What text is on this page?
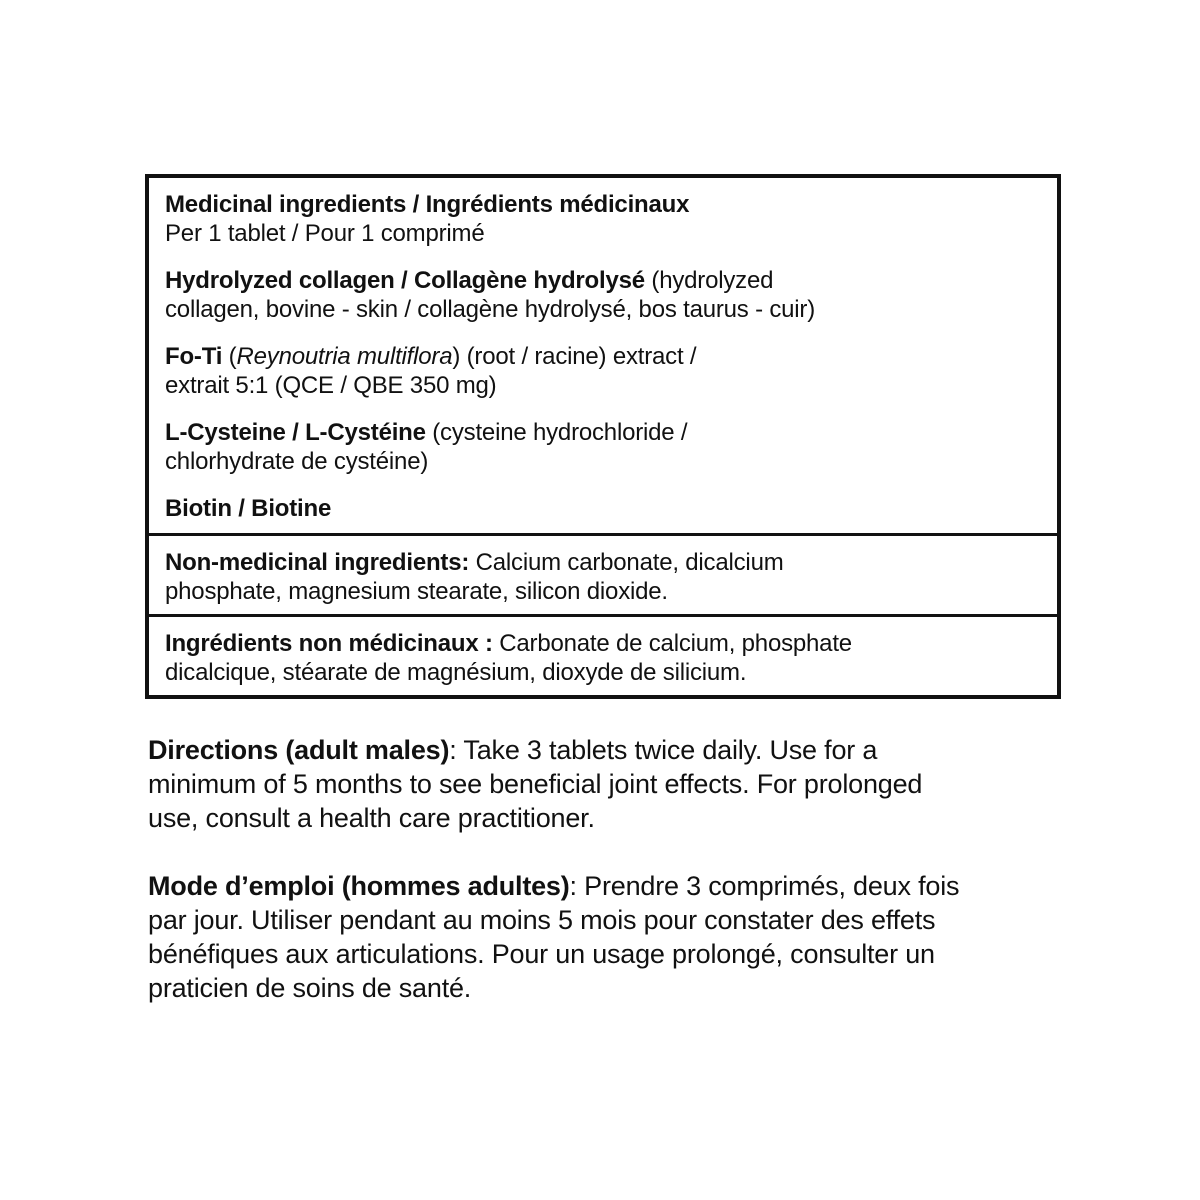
Medicinal ingredients / Ingrédients médicinaux
Per 1 tablet / Pour 1 comprimé
Hydrolyzed collagen / Collagène hydrolysé (hydrolyzed
collagen, bovine - skin / collagène hydrolysé, bos taurus - cuir)
Fo-Ti (Reynoutria multiflora) (root / racine) extract /
extrait 5:1 (QCE / QBE 350 mg)
L-Cysteine / L-Cystéine (cysteine hydrochloride /
chlorhydrate de cystéine)
Biotin / Biotine
Non-medicinal ingredients: Calcium carbonate, dicalcium
phosphate, magnesium stearate, silicon dioxide.
Ingrédients non médicinaux : Carbonate de calcium, phosphate
dicalcique, stéarate de magnésium, dioxyde de silicium.
Directions (adult males): Take 3 tablets twice daily. Use for a
minimum of 5 months to see beneficial joint effects. For prolonged
use, consult a health care practitioner.
Mode d’emploi (hommes adultes): Prendre 3 comprimés, deux fois
par jour. Utiliser pendant au moins 5 mois pour constater des effets
bénéfiques aux articulations. Pour un usage prolongé, consulter un
praticien de soins de santé.
